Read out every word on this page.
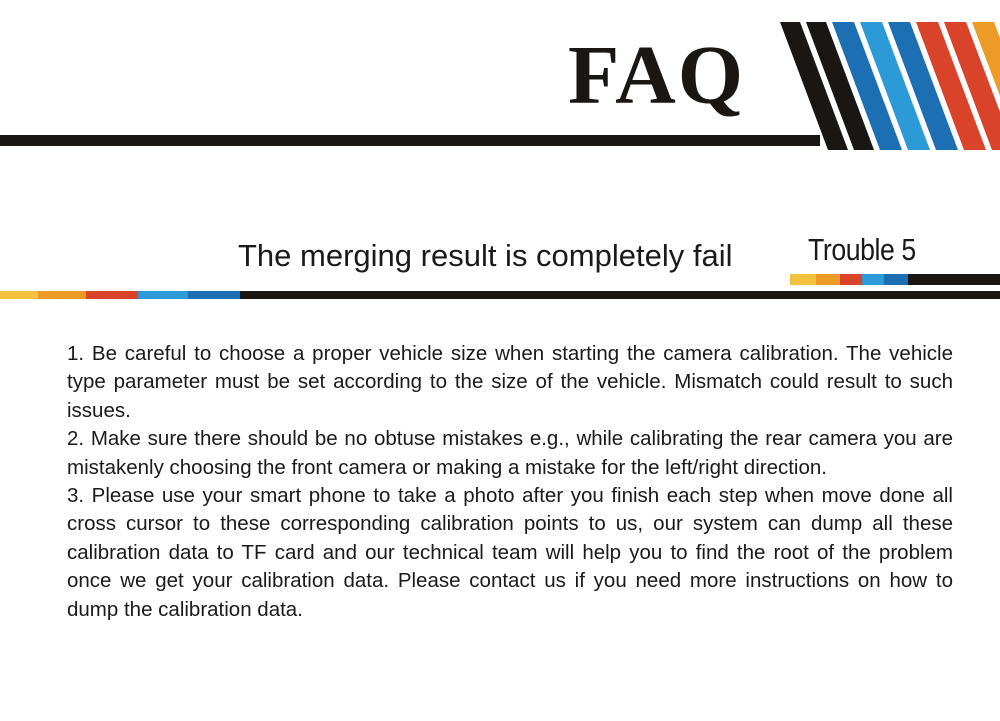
FAQ
The merging result is completely fail Trouble 5

1. Be careful to choose a proper vehicle size when starting the camera calibration. The vehicle type parameter must be set according to the size of the vehicle. Mismatch could result to such issues.

2. Make sure there should be no obtuse mistakes e.g., while calibrating the rear camera you are mistakenly choosing the front camera or making a mistake for the left/right direction.

3. Please use your smart phone to take a photo after you finish each step when move done all cross cursor to these corresponding calibration points to us, our system can dump all these calibration data to TF card and our technical team will help you to find the root of the problem once we get your calibration data. Please contact us if you need more instructions on how to dump the calibration data.
